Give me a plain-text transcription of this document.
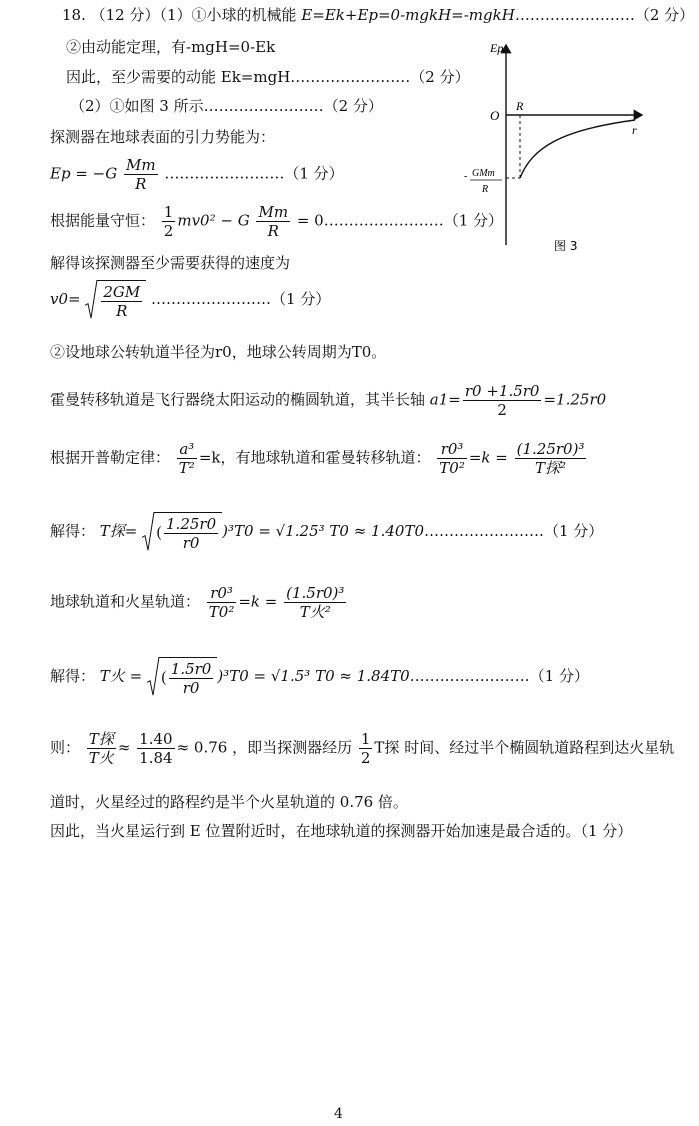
18. （12 分）（1）①小球的机械能 E=Ek+Ep=0-mgkH=-mgkH……………………（2 分）
②由动能定理，有-mgH=0-Ek
因此，至少需要的动能 Ek=mgH……………………（2 分）
（2）①如图 3 所示……………………（2 分）
探测器在地球表面的引力势能为：
$Ep = -G \frac{Mm}{R}$ ……………………（1 分）
根据能量守恒： $\frac{1}{2} mv0^2 - G \frac{Mm}{R}$ = 0……………………（1 分）
解得该探测器至少需要获得的速度为
$v0= \frac{2GM}{R}$ ……………………（1 分）
②设地球公转轨道半径为r0，地球公转周期为T0。
霍曼转移轨道是飞行器绕太阳运动的椭圆轨道，其半长轴 $a1= \frac{r0 +1.5r0}{2} =1.25r0$
根据开普勒定律： $\frac{\text{a³}}{\text{T²}} =k$，有地球轨道和霍曼转移轨道： $\frac{\text{r0³}}{\text{T0²}} =k = \frac{\text{(1.25r0)³}}{\text{T探²}}$
解得： T探= ( $\frac{1.25r0}{r0} )^3T0 = √1.25^3$ T0 ≈ 1.40T0……………………（1 分）
地球轨道和火星轨道： $\frac{\text{r0³}}{\text{T0²}} =k = \frac{\text{(1.5r0)³}}{\text{T火²}}$
解得： T火 = ( $\frac{1.5r0}{r0} )^3T0 = √1.5^3$ T0 ≈ 1.84T0……………………（1 分）
则： $\frac{\text{T探}}{\text{T火}} \approx \frac{1.40}{1.84} \approx 0.76$ ，即当探测器经历 $\frac{1}{2}$ T探 时间、经过半个椭圆轨道路程到达火星轨
道时，火星经过的路程约是半个火星轨道的 0.76 倍。
因此，当火星运行到 E 位置附近时，在地球轨道的探测器开始加速是最合适的。（1 分）
Ep
r
O
R
- GMm
R
图 3
4
